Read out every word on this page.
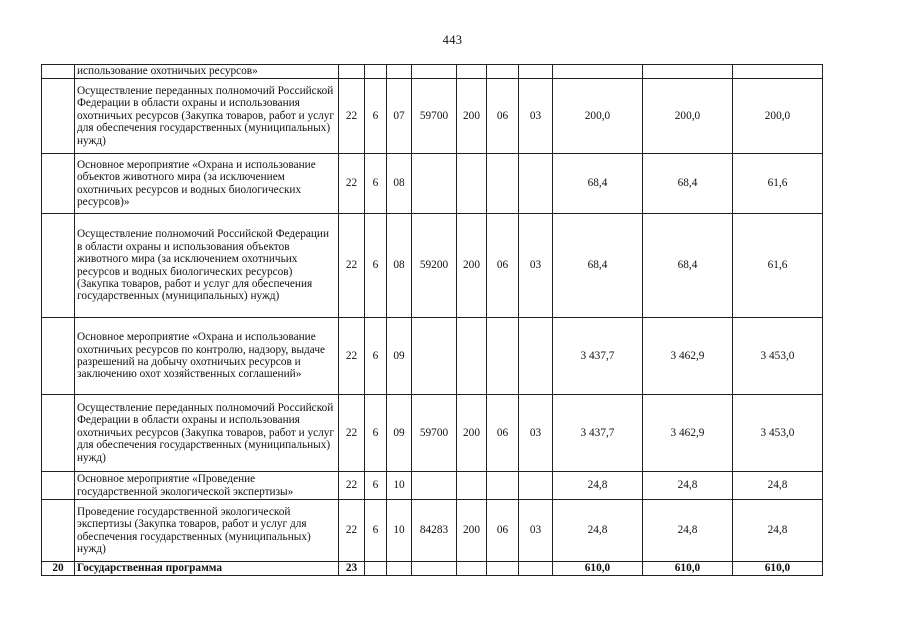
443
	использование охотничьих ресурсов»										
	Осуществление переданных полномочий Российской Федерации в области охраны и использования охотничьих ресурсов (Закупка товаров, работ и услуг для обеспечения государственных (муниципальных) нужд)	22	6	07	59700	200	06	03	200,0	200,0	200,0
	Основное мероприятие «Охрана и использование объектов животного мира (за исключением охотничьих ресурсов и водных биологических ресурсов)»	22	6	08					68,4	68,4	61,6
	Осуществление полномочий Российской Федерации в области охраны и использования объектов животного мира (за исключением охотничьих ресурсов и водных биологических ресурсов) (Закупка товаров, работ и услуг для обеспечения государственных (муниципальных) нужд)	22	6	08	59200	200	06	03	68,4	68,4	61,6
	Основное мероприятие «Охрана и использование охотничьих ресурсов по контролю, надзору, выдаче разрешений на добычу охотничьих ресурсов и заключению охот хозяйственных соглашений»	22	6	09					3 437,7	3 462,9	3 453,0
	Осуществление переданных полномочий Российской Федерации в области охраны и использования охотничьих ресурсов (Закупка товаров, работ и услуг для обеспечения государственных (муниципальных) нужд)	22	6	09	59700	200	06	03	3 437,7	3 462,9	3 453,0
	Основное мероприятие «Проведение государственной экологической экспертизы»	22	6	10					24,8	24,8	24,8
	Проведение государственной экологической экспертизы (Закупка товаров, работ и услуг для обеспечения государственных (муниципальных) нужд)	22	6	10	84283	200	06	03	24,8	24,8	24,8
20	Государственная программа	23							610,0	610,0	610,0
